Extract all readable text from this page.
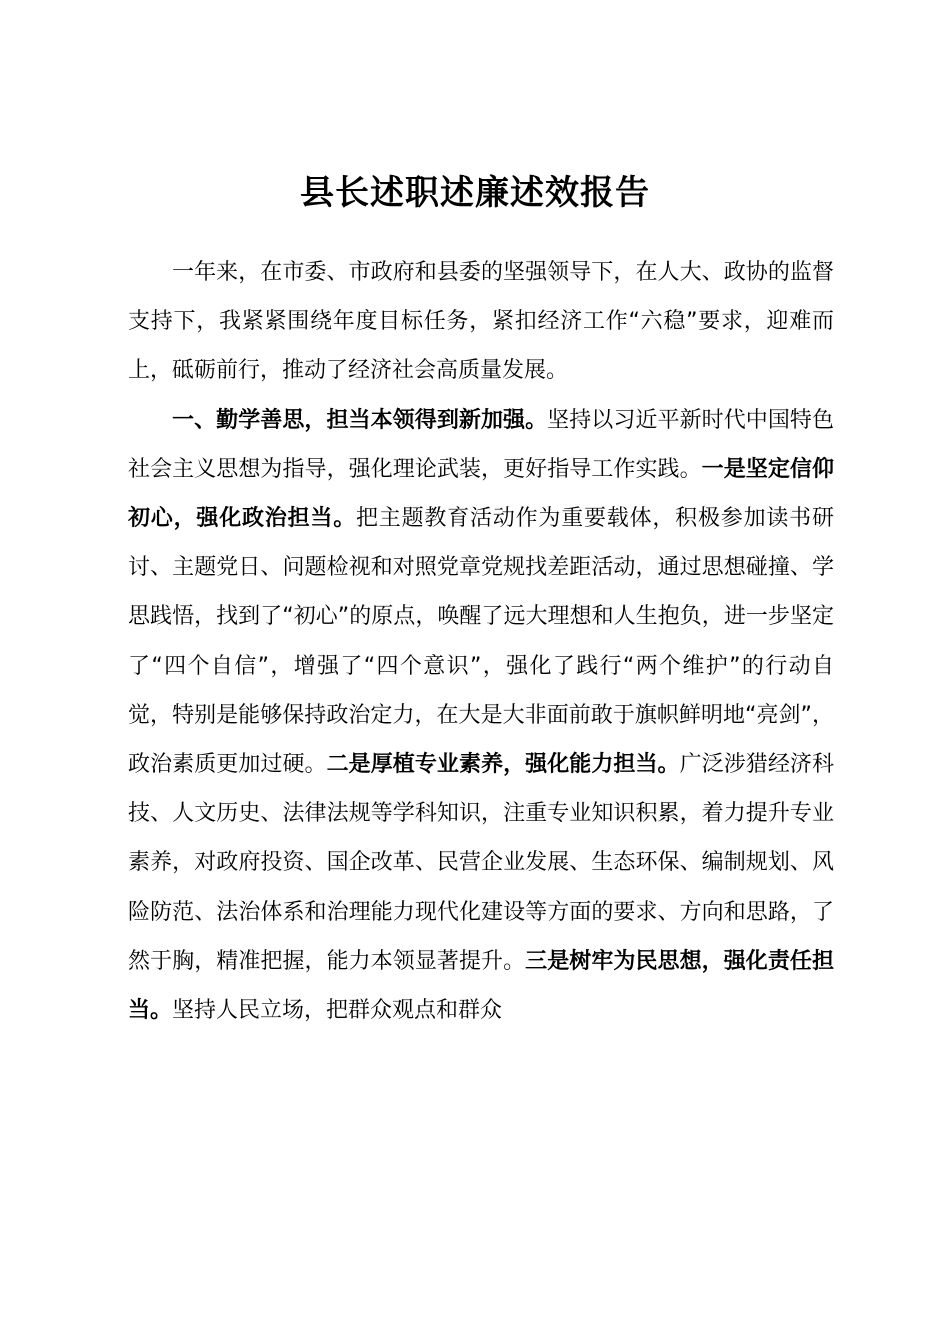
县长述职述廉述效报告

一年来，在市委、市政府和县委的坚强领导下，在人大、政协的监督支持下，我紧紧围绕年度目标任务，紧扣经济工作“六稳”要求，迎难而上，砥砺前行，推动了经济社会高质量发展。

一、勤学善思，担当本领得到新加强。坚持以习近平新时代中国特色社会主义思想为指导，强化理论武装，更好指导工作实践。一是坚定信仰初心，强化政治担当。把主题教育活动作为重要载体，积极参加读书研讨、主题党日、问题检视和对照党章党规找差距活动，通过思想碰撞、学思践悟，找到了“初心”的原点，唤醒了远大理想和人生抱负，进一步坚定了“四个自信”，增强了“四个意识”，强化了践行“两个维护”的行动自觉，特别是能够保持政治定力，在大是大非面前敢于旗帜鲜明地“亮剑”，政治素质更加过硬。二是厚植专业素养，强化能力担当。广泛涉猎经济科技、人文历史、法律法规等学科知识，注重专业知识积累，着力提升专业素养，对政府投资、国企改革、民营企业发展、生态环保、编制规划、风险防范、法治体系和治理能力现代化建设等方面的要求、方向和思路，了然于胸，精准把握，能力本领显著提升。三是树牢为民思想，强化责任担当。坚持人民立场，把群众观点和群众
